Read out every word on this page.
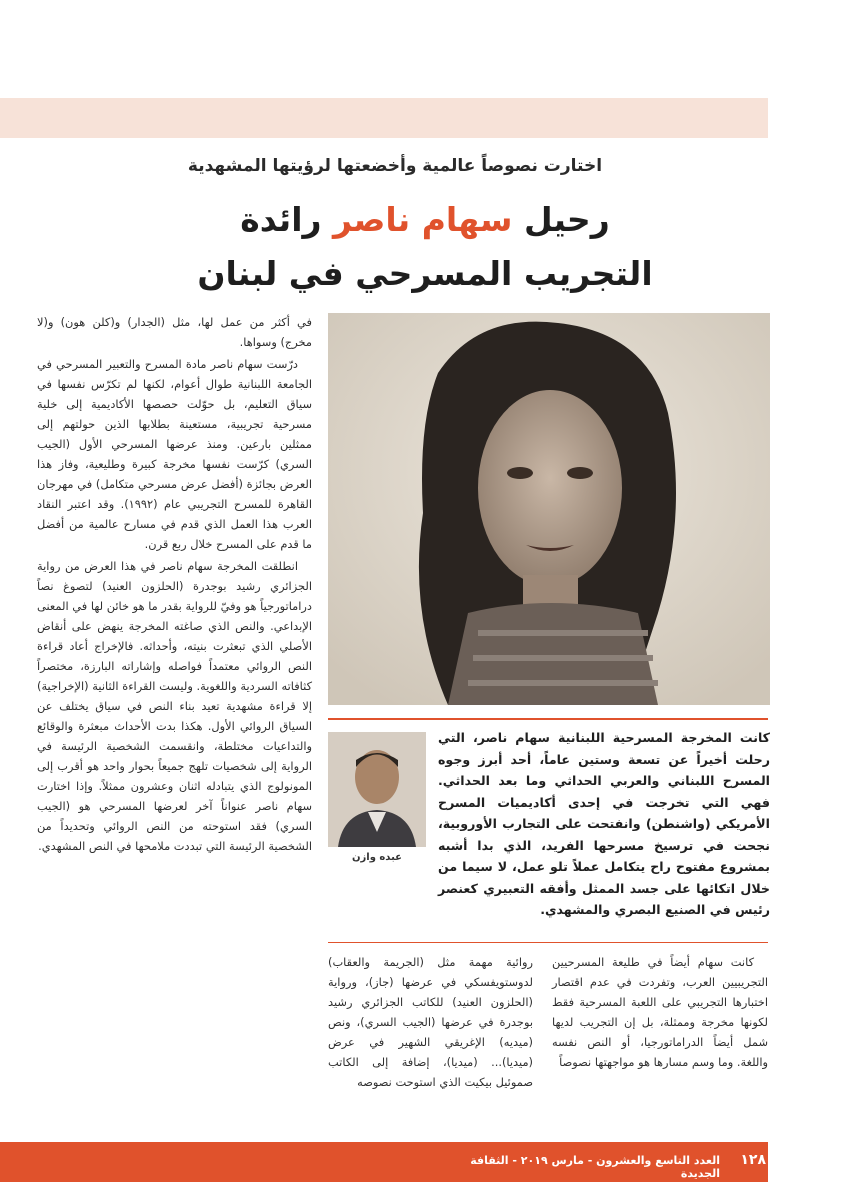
اختارت نصوصاً عالمية وأخضعتها لرؤيتها المشهدية
رحيل سهام ناصر رائدة
التجريب المسرحي في لبنان
عبده وازن
كانت المخرجة المسرحية اللبنانية سهام ناصر، التي رحلت أخيراً عن تسعة وستين عاماً، أحد أبرز وجوه المسرح اللبناني والعربي الحداثي وما بعد الحداثي. فهي التي تخرجت في إحدى أكاديميات المسرح الأمريكي (واشنطن) وانفتحت على التجارب الأوروبية، نجحت في ترسيخ مسرحها الفريد، الذي بدا أشبه بمشروع مفتوح راح يتكامل عملاً تلو عمل، لا سيما من خلال اتكائها على جسد الممثل وأفقه التعبيري كعنصر رئيس في الصنيع البصري والمشهدي.

في أكثر من عمل لها، مثل (الجدار) و(كلن هون) و(لا مخرج) وسواها.

درّست سهام ناصر مادة المسرح والتعبير المسرحي في الجامعة اللبنانية طوال أعوام، لكنها لم تكرّس نفسها في سياق التعليم، بل حوّلت حصصها الأكاديمية إلى خلية مسرحية تجريبية، مستعينة بطلابها الذين حولتهم إلى ممثلين بارعين. ومنذ عرضها المسرحي الأول (الجيب السري) كرّست نفسها مخرجة كبيرة وطليعية، وفاز هذا العرض بجائزة (أفضل عرض مسرحي متكامل) في مهرجان القاهرة للمسرح التجريبي عام (١٩٩٢). وقد اعتبر النقاد العرب هذا العمل الذي قدم في مسارح عالمية من أفضل ما قدم على المسرح خلال ربع قرن.

انطلقت المخرجة سهام ناصر في هذا العرض من رواية الجزائري رشيد بوجدرة (الحلزون العنيد) لتصوغ نصاً دراماتورجياً هو وفيّ للرواية بقدر ما هو خائن لها في المعنى الإبداعي. والنص الذي صاغته المخرجة ينهض على أنقاض الأصلي الذي تبعثرت بنيته، وأحداثه. فالإخراج أعاد قراءة النص الروائي معتمداً فواصله وإشاراته البارزة، مختصراً كثافاته السردية واللغوية. وليست القراءة الثانية (الإخراجية) إلا قراءة مشهدية تعيد بناء النص في سياق يختلف عن السياق الروائي الأول. هكذا بدت الأحداث مبعثرة والوقائع والتداعيات مختلطة، وانقسمت الشخصية الرئيسة في الرواية إلى شخصيات تلهج جميعاً بحوار واحد هو أقرب إلى المونولوج الذي يتبادله اثنان وعشرون ممثلاً. وإذا اختارت سهام ناصر عنواناً آخر لعرضها المسرحي هو (الجيب السري) فقد استوحته من النص الروائي وتحديداً من الشخصية الرئيسة التي تبددت ملامحها في النص المشهدي.

روائية مهمة مثل (الجريمة والعقاب) لدوستويفسكي في عرضها (جاز)، ورواية (الحلزون العنيد) للكاتب الجزائري رشيد بوجدرة في عرضها (الجيب السري)، ونص (ميديه) الإغريقي الشهير في عرض (ميديا)... (ميديا)، إضافة إلى الكاتب صموئيل بيكيت الذي استوحت نصوصه

كانت سهام أيضاً في طليعة المسرحيين التجريبيين العرب، وتفردت في عدم اقتصار اختبارها التجريبي على اللعبة المسرحية فقط لكونها مخرجة وممثلة، بل إن التجريب لديها شمل أيضاً الدراماتورجيا، أو النص نفسه واللغة. وما وسم مسارها هو مواجهتها نصوصاً

العدد التاسع والعشرون - مارس ٢٠١٩ - الثقافة الجديدة
١٢٨
